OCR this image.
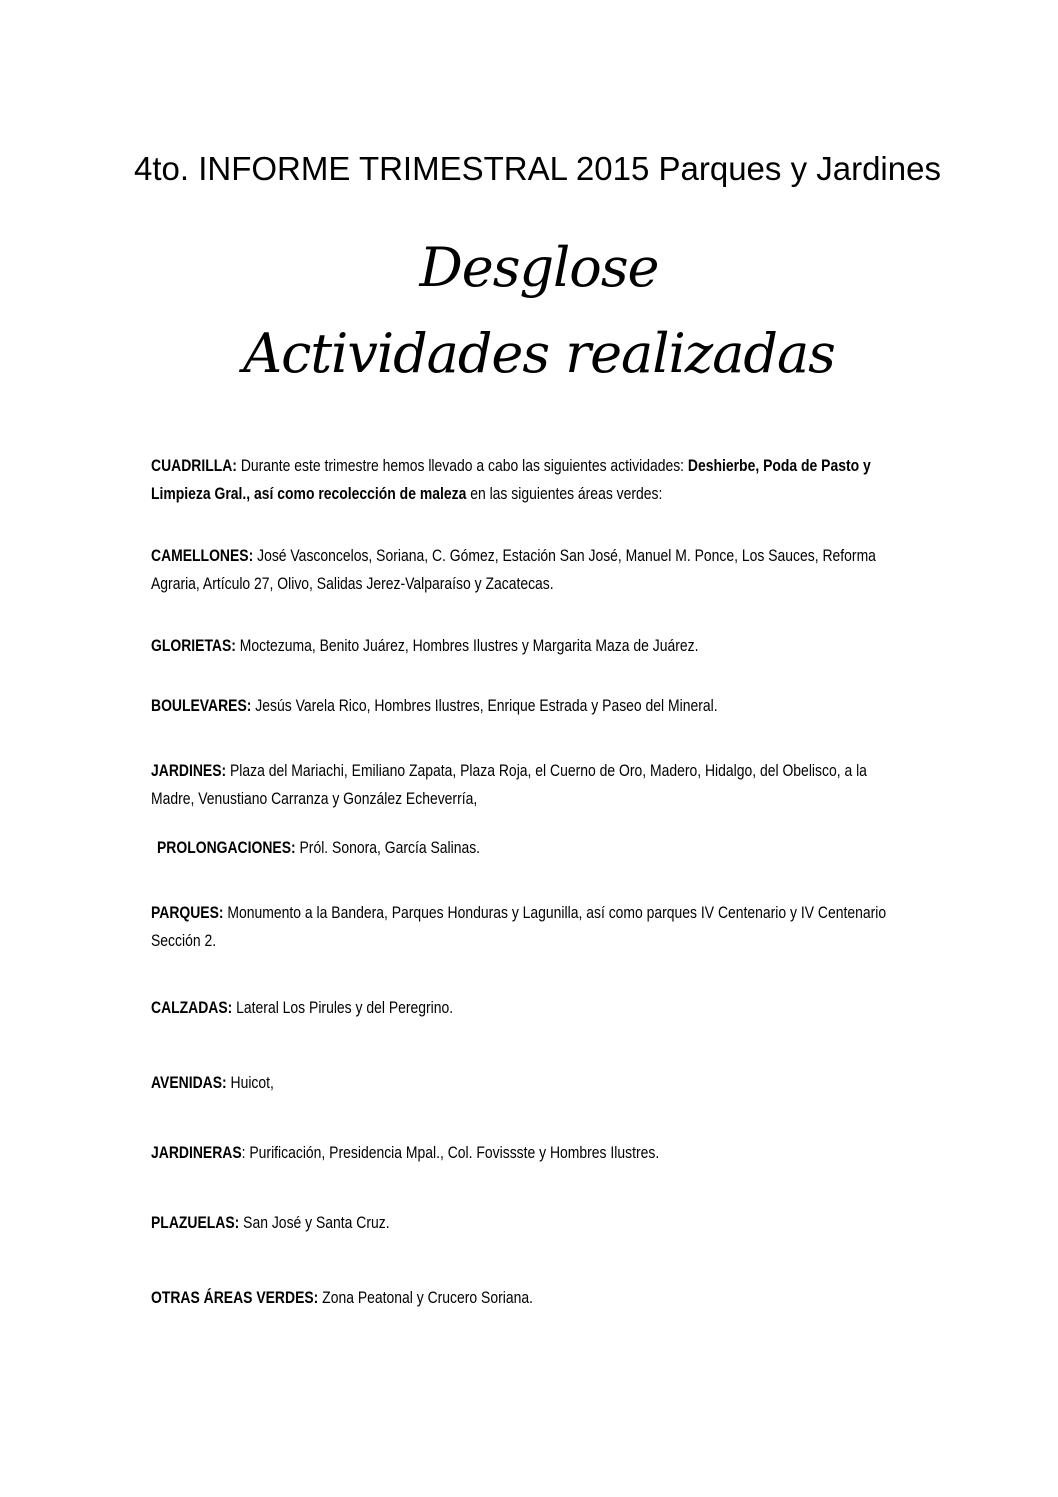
4to. INFORME TRIMESTRAL 2015 Parques y Jardines
Desglose
Actividades realizadas

CUADRILLA: Durante este trimestre hemos llevado a cabo las siguientes actividades: Deshierbe, Poda de Pasto y Limpieza Gral., así como recolección de maleza en las siguientes áreas verdes:

CAMELLONES: José Vasconcelos, Soriana, C. Gómez, Estación San José, Manuel M. Ponce, Los Sauces, Reforma Agraria, Artículo 27, Olivo, Salidas Jerez-Valparaíso y Zacatecas.

GLORIETAS: Moctezuma, Benito Juárez, Hombres Ilustres y Margarita Maza de Juárez.

BOULEVARES: Jesús Varela Rico, Hombres Ilustres, Enrique Estrada y Paseo del Mineral.

JARDINES: Plaza del Mariachi, Emiliano Zapata, Plaza Roja, el Cuerno de Oro, Madero, Hidalgo, del Obelisco, a la Madre, Venustiano Carranza y González Echeverría,

PROLONGACIONES: Pról. Sonora, García Salinas.

PARQUES: Monumento a la Bandera, Parques Honduras y Lagunilla, así como parques IV Centenario y IV Centenario Sección 2.

CALZADAS: Lateral Los Pirules y del Peregrino.

AVENIDAS: Huicot,

JARDINERAS: Purificación, Presidencia Mpal., Col. Fovissste y Hombres Ilustres.

PLAZUELAS: San José y Santa Cruz.

OTRAS ÁREAS VERDES: Zona Peatonal y Crucero Soriana.
